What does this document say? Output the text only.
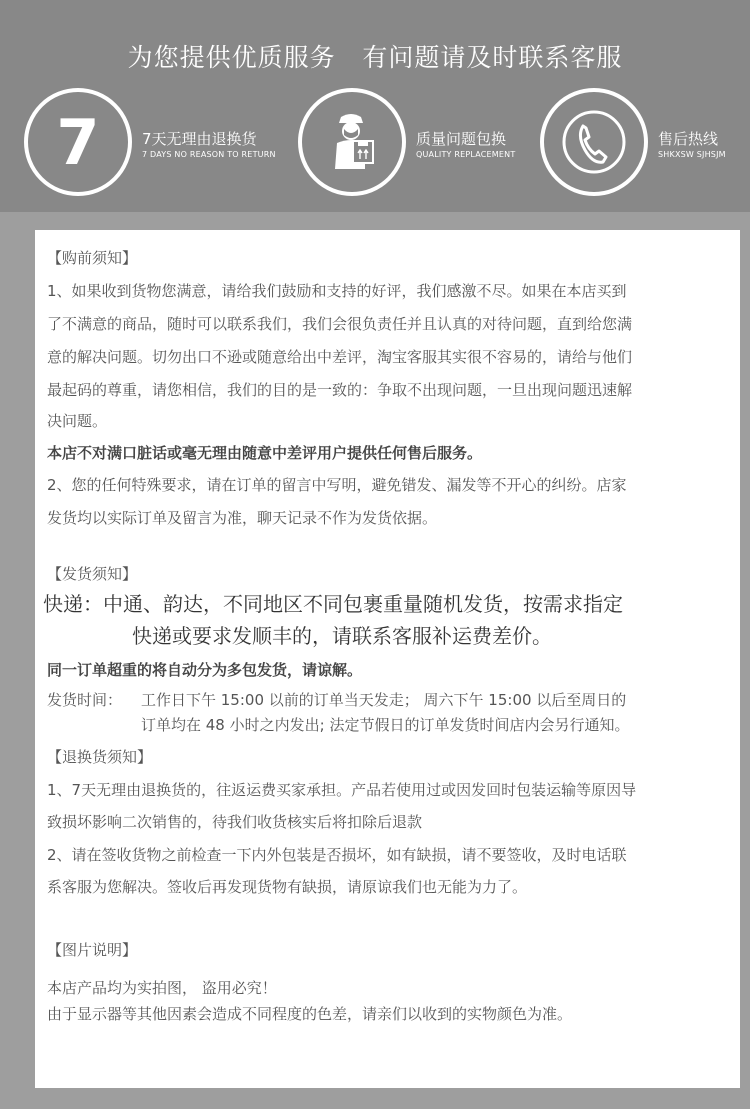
为您提供优质服务   有问题请及时联系客服
7	7天无理由退换货
7 DAYS NO REASON TO RETURN
质量问题包换
QUALITY REPLACEMENT
售后热线
SHKXSW SJHSJM
【购前须知】
1、如果收到货物您满意，请给我们鼓励和支持的好评，我们感激不尽。如果在本店买到
了不满意的商品，随时可以联系我们，我们会很负责任并且认真的对待问题，直到给您满
意的解决问题。切勿出口不逊或随意给出中差评，淘宝客服其实很不容易的，请给与他们
最起码的尊重，请您相信，我们的目的是一致的：争取不出现问题，一旦出现问题迅速解
决问题。
本店不对满口脏话或毫无理由随意中差评用户提供任何售后服务。
2、您的任何特殊要求，请在订单的留言中写明，避免错发、漏发等不开心的纠纷。店家
发货均以实际订单及留言为准，聊天记录不作为发货依据。
【发货须知】
快递：中通、韵达，不同地区不同包裹重量随机发货，按需求指定
快递或要求发顺丰的，请联系客服补运费差价。
同一订单超重的将自动分为多包发货，请谅解。
发货时间： 工作日下午 15:00 以前的订单当天发走； 周六下午 15:00 以后至周日的
订单均在 48 小时之内发出; 法定节假日的订单发货时间店内会另行通知。
【退换货须知】
1、7天无理由退换货的，往返运费买家承担。产品若使用过或因发回时包装运输等原因导
致损坏影响二次销售的，待我们收货核实后将扣除后退款
2、请在签收货物之前检查一下内外包装是否损坏，如有缺损，请不要签收，及时电话联
系客服为您解决。签收后再发现货物有缺损，请原谅我们也无能为力了。
【图片说明】
本店产品均为实拍图， 盗用必究！
由于显示器等其他因素会造成不同程度的色差，请亲们以收到的实物颜色为准。
